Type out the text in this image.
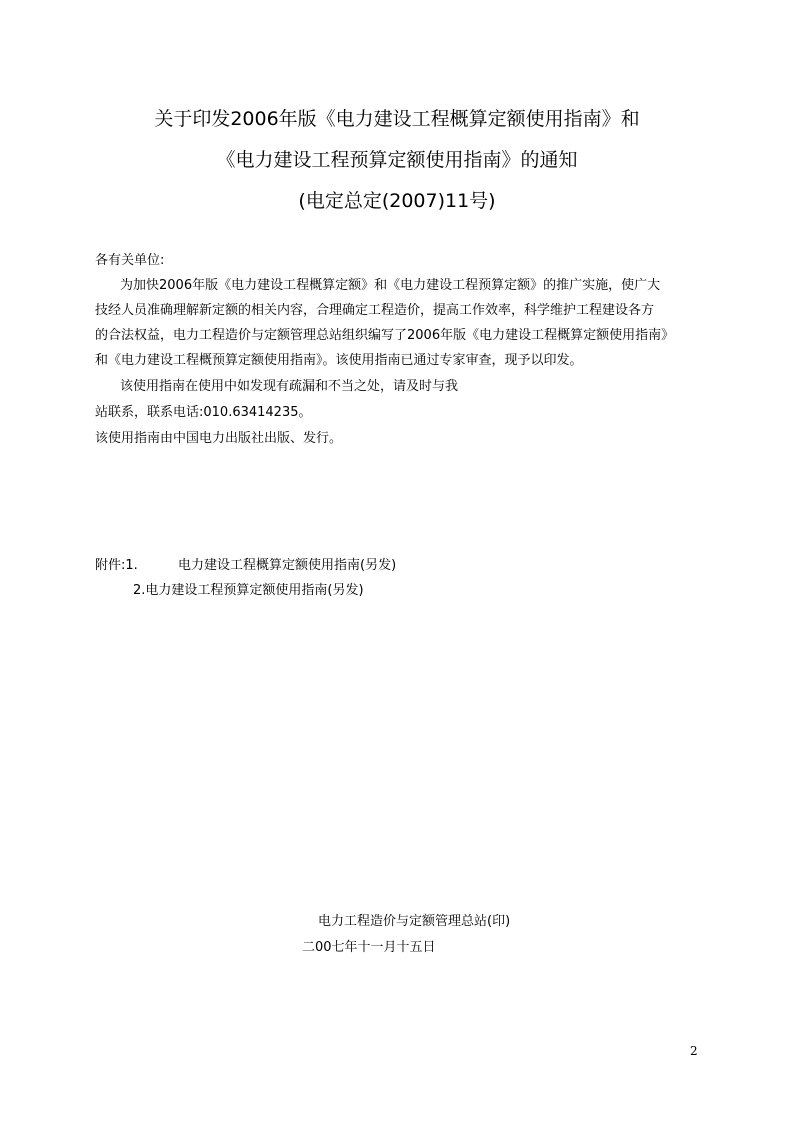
关于印发2006年版《电力建设工程概算定额使用指南》和
《电力建设工程预算定额使用指南》的通知
(电定总定(2007)11号)
各有关单位:
为加快2006年版《电力建设工程概算定额》和《电力建设工程预算定额》的推广实施，使广大
技经人员准确理解新定额的相关内容，合理确定工程造价，提高工作效率，科学维护工程建设各方
的合法权益，电力工程造价与定额管理总站组织编写了2006年版《电力建设工程概算定额使用指南》
和《电力建设工程概预算定额使用指南》。该使用指南已通过专家审查，现予以印发。
该使用指南在使用中如发现有疏漏和不当之处，请及时与我
站联系，联系电话:010.63414235。
该使用指南由中国电力出版社出版、发行。
附件:1.	电力建设工程概算定额使用指南(另发)
2.电力建设工程预算定额使用指南(另发)
电力工程造价与定额管理总站(印)
二00七年十一月十五日
2
